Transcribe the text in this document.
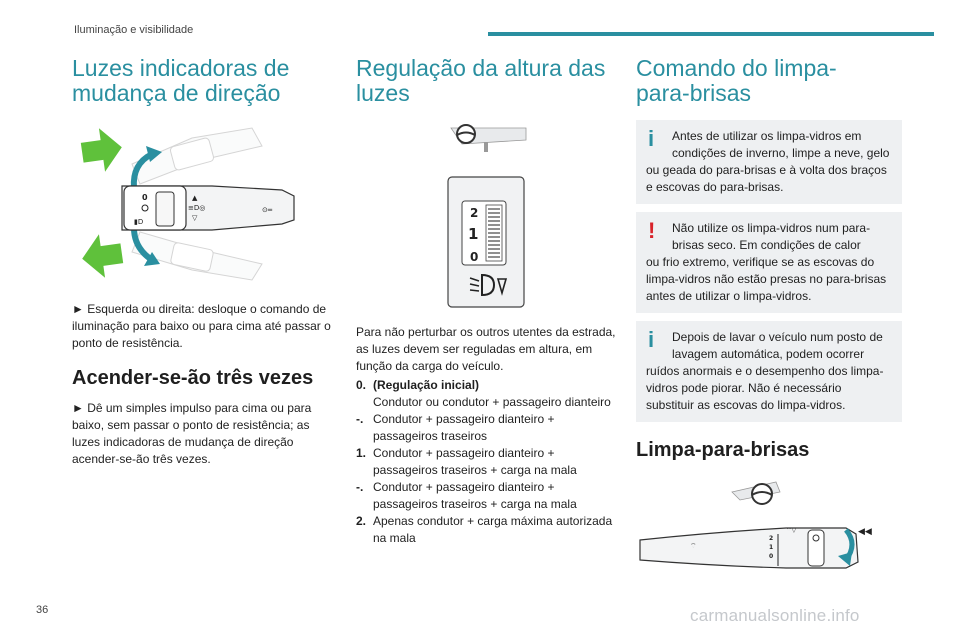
Iluminação e visibilidade
Luzes indicadoras de mudança de direção
0
▮D
▲
≡D◎
▽
⊙═
► Esquerda ou direita: desloque o comando de iluminação para baixo ou para cima até passar o ponto de resistência.
Acender-se-ão três vezes
► Dê um simples impulso para cima ou para baixo, sem passar o ponto de resistência; as luzes indicadoras de mudança de direção acender-se-ão três vezes.
Regulação da altura das luzes

2
1
0
Para não perturbar os outros utentes da estrada, as luzes devem ser reguladas em altura, em função da carga do veículo.
0. (Regulação inicial)
Condutor ou condutor + passageiro dianteiro
-. Condutor + passageiro dianteiro + passageiros traseiros
1. Condutor + passageiro dianteiro + passageiros traseiros + carga na mala
-. Condutor + passageiro dianteiro + passageiros traseiros + carga na mala
2. Apenas condutor + carga máxima autorizada na mala
Comando do limpa-para-brisas
i	Antes de utilizar os limpa-vidros em condições de inverno, limpe a neve, gelo
ou geada do para-brisas e à volta dos braços e escovas do para-brisas.
!	Não utilize os limpa-vidros num para-brisas seco. Em condições de calor
ou frio extremo, verifique se as escovas do limpa-vidros não estão presas no para-brisas antes de utilizar o limpa-vidros.
i	Depois de lavar o veículo num posto de lavagem automática, podem ocorrer
ruídos anormais e o desempenho dos limpa-vidros pode piorar. Não é necessário substituir as escovas do limpa-vidros.
Limpa-para-brisas
⌔
2
1
0
⌔▽	◀◀
36	carmanualsonline.info
